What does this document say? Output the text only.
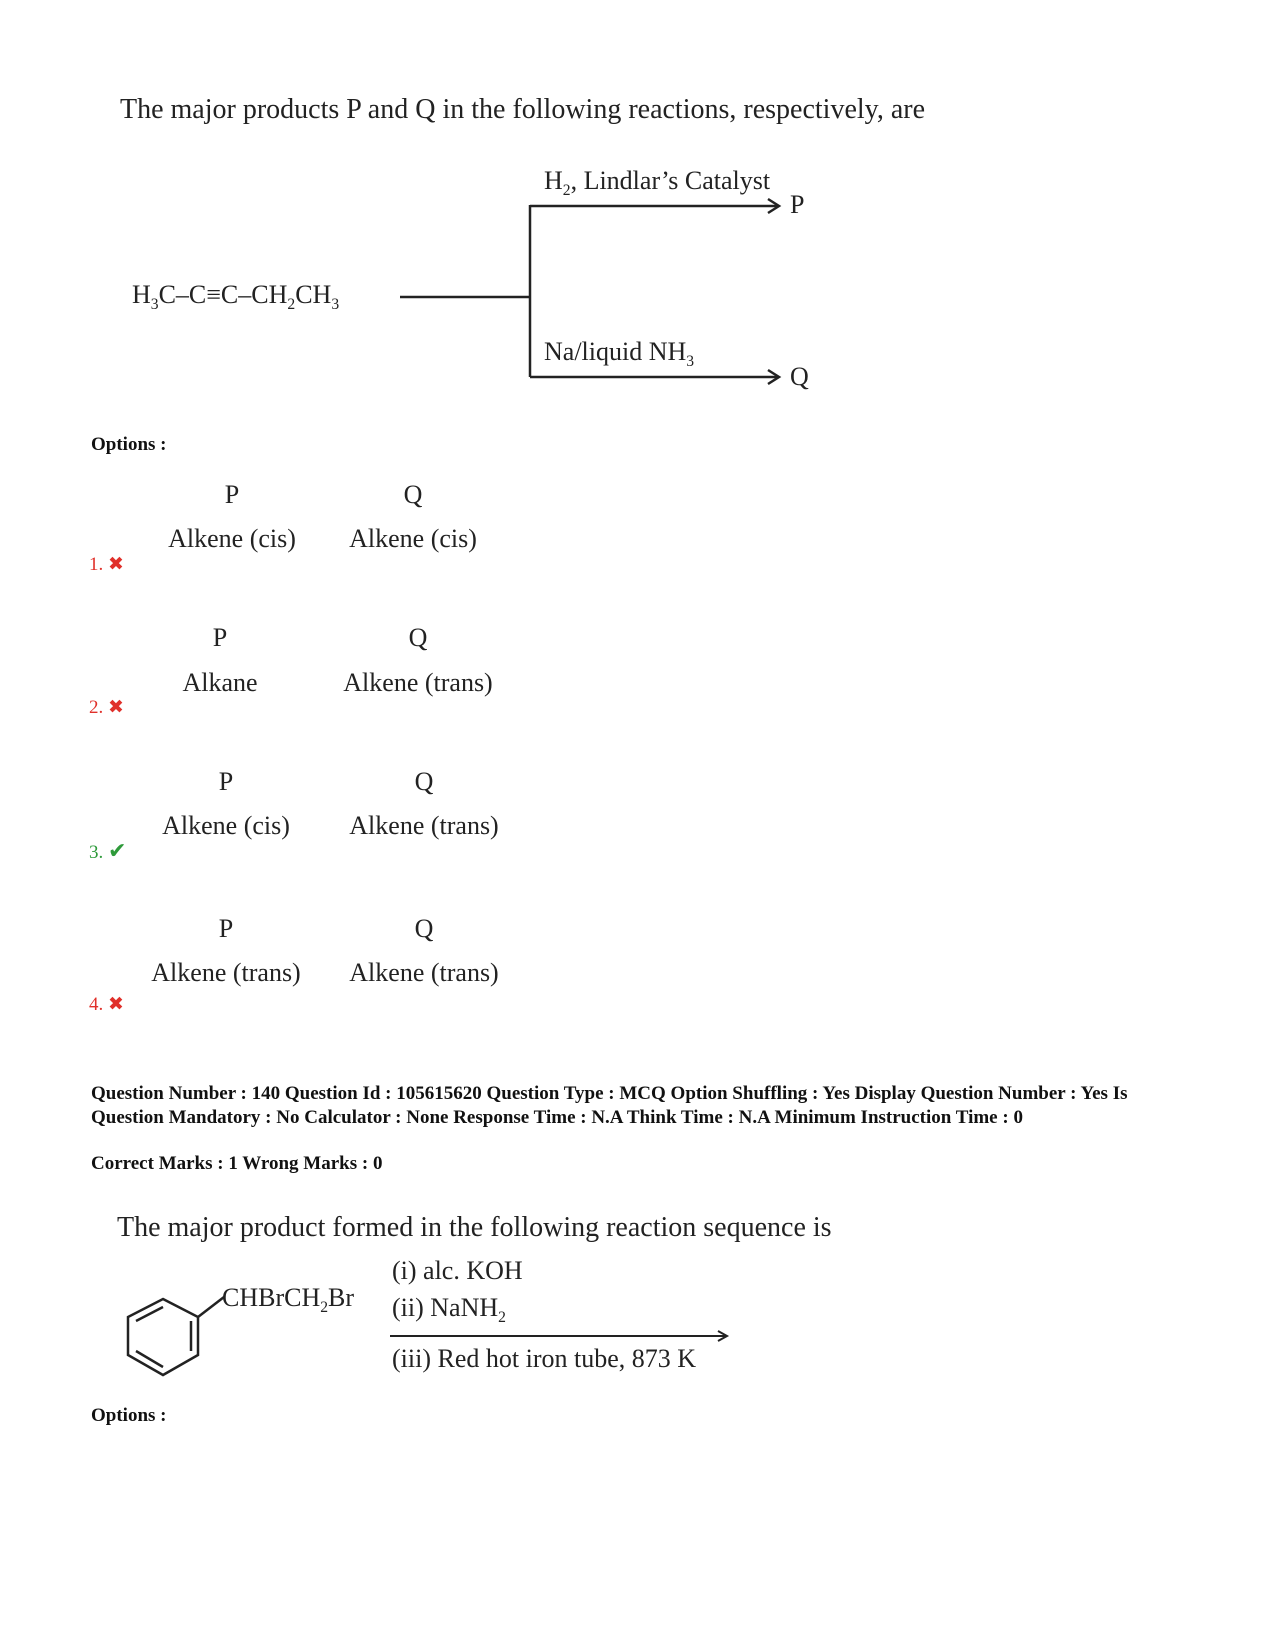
The major products P and Q in the following reactions, respectively, are
$H_3C-C\equiv C-CH_2CH_3$
$H_2$, Lindlar’s Catalyst
P
Na/liquid $NH_3$
Q
Options :
P	Q
Alkene (cis)	Alkene (cis)
1. ✖
P	Q
Alkane	Alkene (trans)
2. ✖
P	Q
Alkene (cis)	Alkene (trans)
3. ✔
P	Q
Alkene (trans)	Alkene (trans)
4. ✖
Question Number : 140 Question Id : 105615620 Question Type : MCQ Option Shuffling : Yes Display Question Number : Yes Is Question Mandatory : No Calculator : None Response Time : N.A Think Time : N.A Minimum Instruction Time : 0
Correct Marks : 1 Wrong Marks : 0
The major product formed in the following reaction sequence is
CHBrCH$_2$Br
(i) alc. KOH
(ii) NaNH$_2$
(iii) Red hot iron tube, 873 K
Options :
